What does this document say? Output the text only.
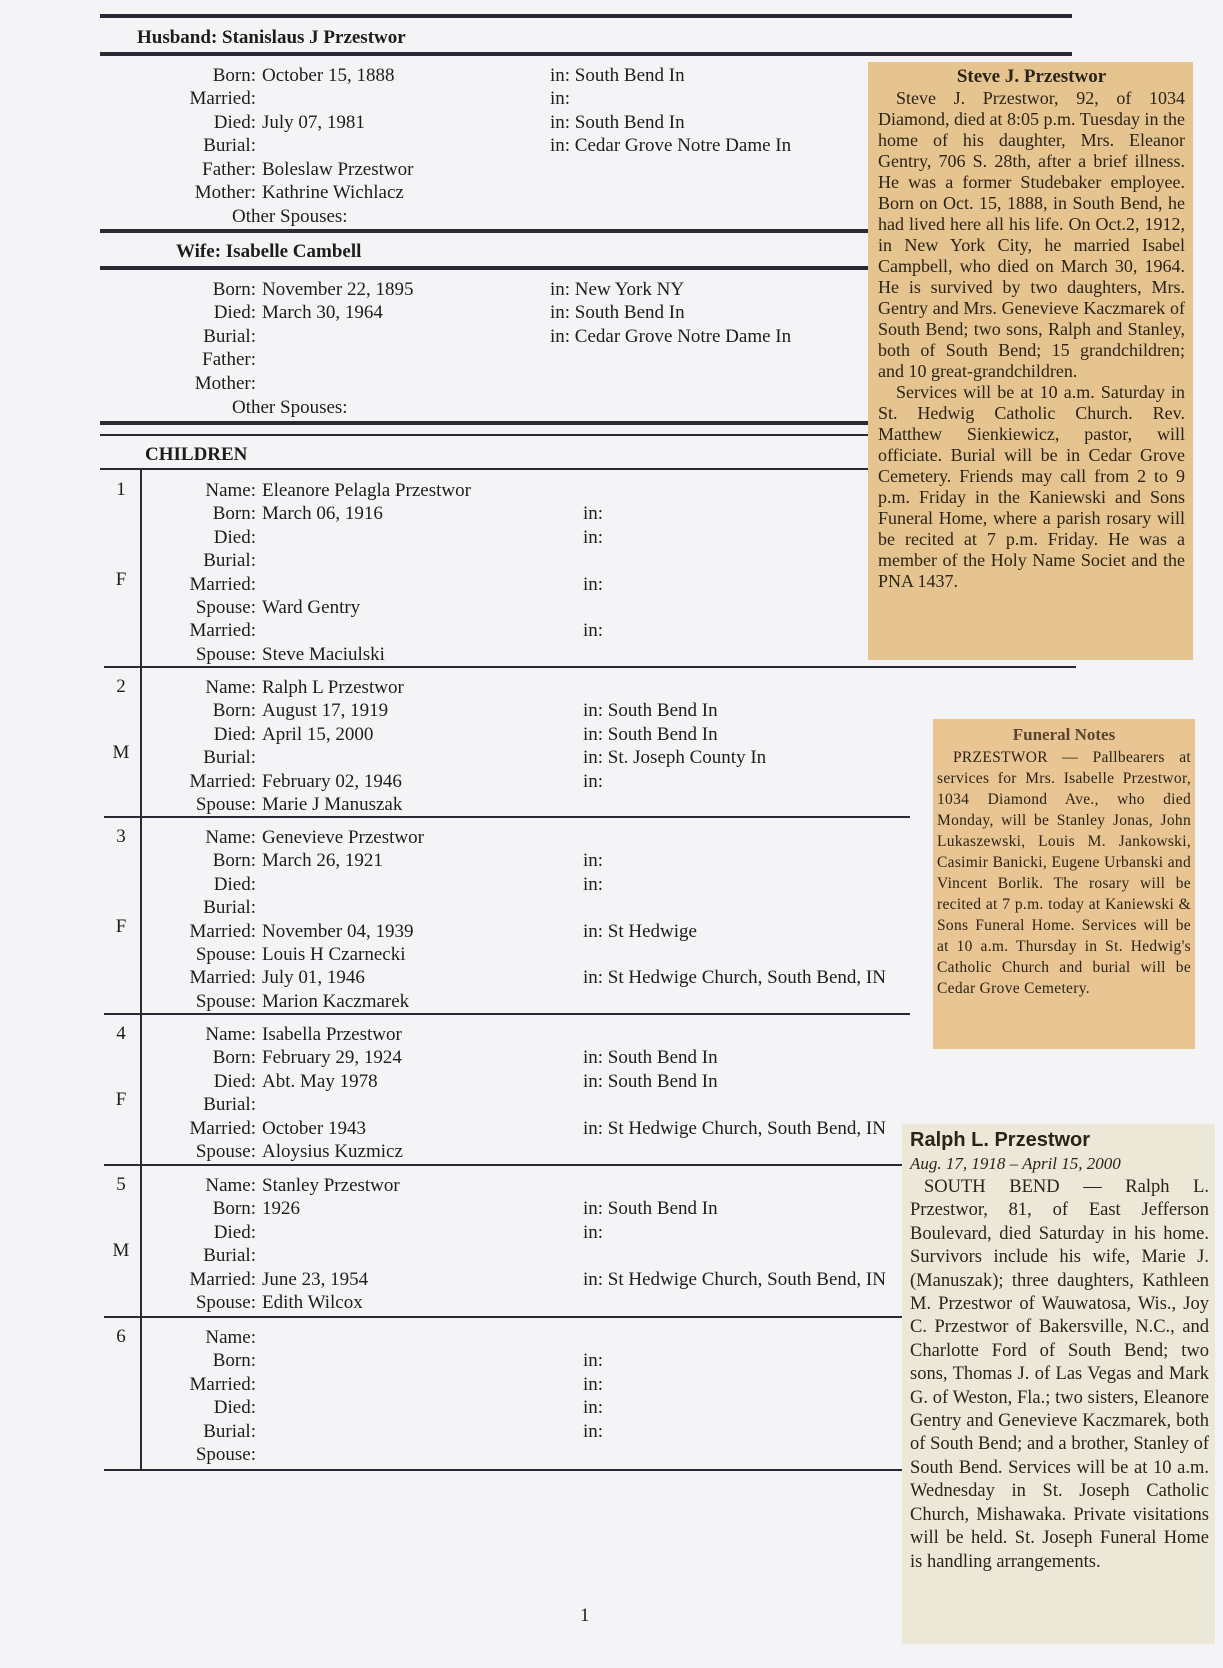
Husband: Stanislaus J Przestwor
Born: October 15, 1888	in: South Bend In
Married:	in:
Died: July 07, 1981	in: South Bend In
Burial:	in: Cedar Grove Notre Dame In
Father: Boleslaw Przestwor
Mother: Kathrine Wichlacz
Other Spouses:
Wife: Isabelle Cambell
Born: November 22, 1895	in: New York NY
Died: March 30, 1964	in: South Bend In
Burial:	in: Cedar Grove Notre Dame In
Father:
Mother:
Other Spouses:
CHILDREN
1
F
Name: Eleanore Pelagla Przestwor
Born: March 06, 1916	in:
Died:	in:
Burial:
Married:	in:
Spouse: Ward Gentry
Married:	in:
Spouse: Steve Maciulski
2
M
Name: Ralph L Przestwor
Born: August 17, 1919	in: South Bend In
Died: April 15, 2000	in: South Bend In
Burial:	in: St. Joseph County In
Married: February 02, 1946	in:
Spouse: Marie J Manuszak
3
F
Name: Genevieve Przestwor
Born: March 26, 1921	in:
Died:	in:
Burial:
Married: November 04, 1939	in: St Hedwige
Spouse: Louis H Czarnecki
Married: July 01, 1946	in: St Hedwige Church, South Bend, IN
Spouse: Marion Kaczmarek
4
F
Name: Isabella Przestwor
Born: February 29, 1924	in: South Bend In
Died: Abt. May 1978	in: South Bend In
Burial:
Married: October 1943	in: St Hedwige Church, South Bend, IN
Spouse: Aloysius Kuzmicz
5
M
Name: Stanley Przestwor
Born: 1926	in: South Bend In
Died:	in:
Burial:
Married: June 23, 1954	in: St Hedwige Church, South Bend, IN
Spouse: Edith Wilcox
6	Name:
Born:	in:
Married:	in:
Died:	in:
Burial:	in:
Spouse:
Steve J. Przestwor
Steve J. Przestwor, 92, of 1034 Diamond, died at 8:05 p.m. Tuesday in the home of his daughter, Mrs. Eleanor Gentry, 706 S. 28th, after a brief illness. He was a former Studebaker employee. Born on Oct. 15, 1888, in South Bend, he had lived here all his life. On Oct.2, 1912, in New York City, he married Isabel Campbell, who died on March 30, 1964. He is survived by two daughters, Mrs. Gentry and Mrs. Genevieve Kaczmarek of South Bend; two sons, Ralph and Stanley, both of South Bend; 15 grandchildren; and 10 great-grandchildren.
Services will be at 10 a.m. Saturday in St. Hedwig Catholic Church. Rev. Matthew Sienkiewicz, pastor, will officiate. Burial will be in Cedar Grove Cemetery. Friends may call from 2 to 9 p.m. Friday in the Kaniewski and Sons Funeral Home, where a parish rosary will be recited at 7 p.m. Friday. He was a member of the Holy Name Societ and the PNA 1437.
Funeral Notes
PRZESTWOR — Pallbearers at services for Mrs. Isabelle Przestwor, 1034 Diamond Ave., who died Monday, will be Stanley Jonas, John Lukaszewski, Louis M. Jankowski, Casimir Banicki, Eugene Urbanski and Vincent Borlik. The rosary will be recited at 7 p.m. today at Kaniewski & Sons Funeral Home. Services will be at 10 a.m. Thursday in St. Hedwig's Catholic Church and burial will be Cedar Grove Cemetery.
Ralph L. Przestwor
Aug. 17, 1918 – April 15, 2000
SOUTH BEND — Ralph L. Przestwor, 81, of East Jefferson Boulevard, died Saturday in his home. Survivors include his wife, Marie J. (Manuszak); three daughters, Kathleen M. Przestwor of Wauwatosa, Wis., Joy C. Przestwor of Bakersville, N.C., and Charlotte Ford of South Bend; two sons, Thomas J. of Las Vegas and Mark G. of Weston, Fla.; two sisters, Eleanore Gentry and Genevieve Kaczmarek, both of South Bend; and a brother, Stanley of South Bend. Services will be at 10 a.m. Wednesday in St. Joseph Catholic Church, Mishawaka. Private visitations will be held. St. Joseph Funeral Home is handling arrangements.
1
